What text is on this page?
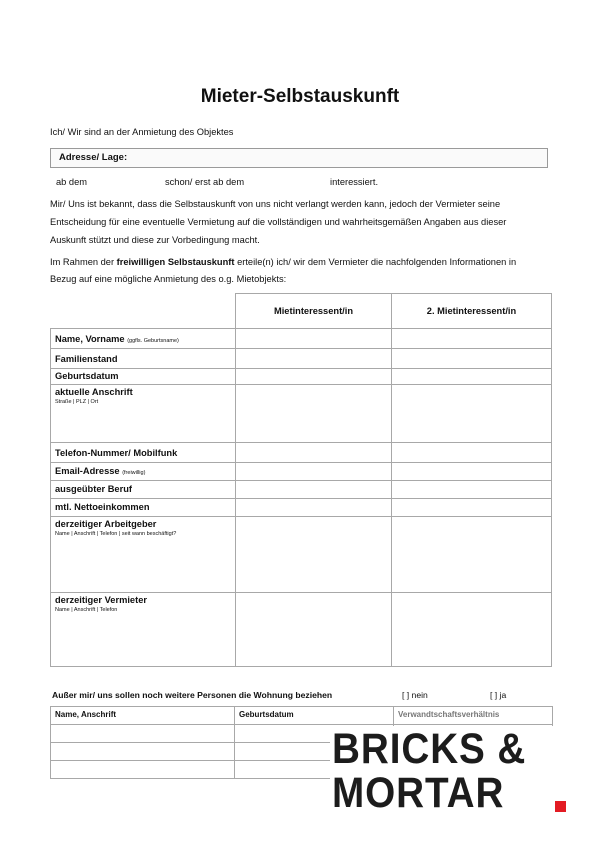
Mieter-Selbstauskunft
Ich/ Wir sind an der Anmietung des Objektes
Adresse/ Lage:
ab dem	schon/ erst ab dem	interessiert.
Mir/ Uns ist bekannt, dass die Selbstauskunft von uns nicht verlangt werden kann, jedoch der Vermieter seine
Entscheidung für eine eventuelle Vermietung auf die vollständigen und wahrheitsgemäßen Angaben aus dieser
Auskunft stützt und diese zur Vorbedingung macht.
Im Rahmen der freiwilligen Selbstauskunft erteile(n) ich/ wir dem Vermieter die nachfolgenden Informationen in
Bezug auf eine mögliche Anmietung des o.g. Mietobjekts:
	Mietinteressent/in	2. Mietinteressent/in

Name, Vorname (ggfls. Geburtsname)		

Familienstand		

Geburtsdatum		

aktuelle Anschrift
Straße | PLZ | Ort		

Telefon-Nummer/ Mobilfunk		

Email-Adresse (freiwillig)		

ausgeübter Beruf		

mtl. Nettoeinkommen		

derzeitiger Arbeitgeber
Name | Anschrift | Telefon | seit wann beschäftigt?		

derzeitiger Vermieter
Name | Anschrift | Telefon		

Außer mir/ uns sollen noch weitere Personen die Wohnung beziehen	[ ] nein	[ ] ja
Name, Anschrift	Geburtsdatum	Verwandtschaftsverhältnis

BRICKS &
MORTAR
